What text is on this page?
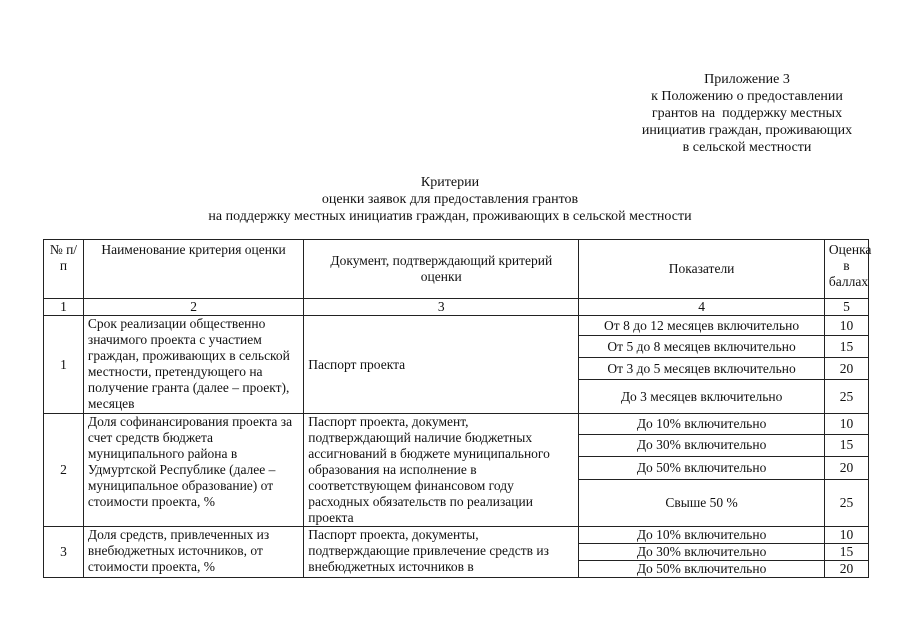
Приложение 3
к Положению о предоставлении
грантов на  поддержку местных
инициатив граждан, проживающих
в сельской местности
Критерии
оценки заявок для предоставления грантов
на поддержку местных инициатив граждан, проживающих в сельской местности
№ п/п	Наименование критерия оценки	Документ, подтверждающий критерий оценки	Показатели	Оценка в баллах
1	2	3	4	5
1	Срок реализации общественно значимого проекта с участием граждан, проживающих в сельской местности, претендующего на получение гранта (далее – проект), месяцев	Паспорт проекта	От 8 до 12 месяцев включительно	10
			От 5 до 8 месяцев включительно	15
			От 3 до 5 месяцев включительно	20
			До 3 месяцев включительно	25
2	Доля софинансирования проекта за счет средств бюджета муниципального района в Удмуртской Республике (далее – муниципальное образование) от стоимости проекта, %	Паспорт проекта, документ, подтверждающий наличие бюджетных ассигнований в бюджете муниципального образования на исполнение в соответствующем финансовом году расходных обязательств по реализации проекта	До 10% включительно	10
			До 30% включительно	15
			До 50% включительно	20
			Свыше 50 %	25
3	Доля средств, привлеченных из внебюджетных источников, от стоимости проекта, %	Паспорт проекта, документы, подтверждающие привлечение средств из внебюджетных источников в	До 10% включительно	10
			До 30% включительно	15
			До 50% включительно	20
